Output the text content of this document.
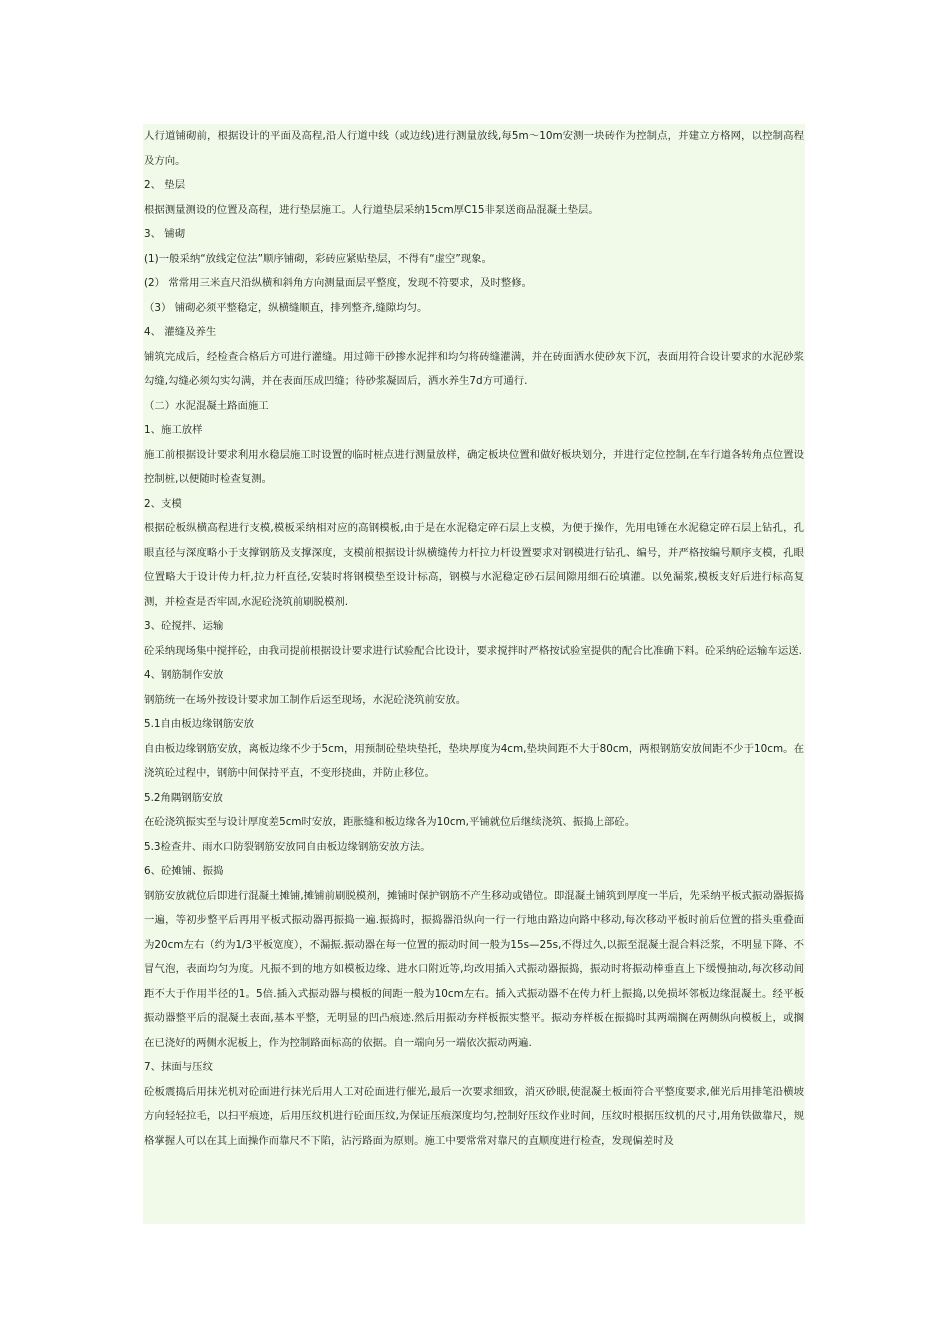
人行道铺砌前，根据设计的平面及高程,沿人行道中线（或边线)进行测量放线,每5m～10m安测一块砖作为控制点，并建立方格网，以控制高程及方向。

2、 垫层

根据测量测设的位置及高程，进行垫层施工。人行道垫层采纳15cm厚C15非泵送商品混凝土垫层。

3、 铺砌

(1)一般采纳“放线定位法”顺序铺砌，彩砖应紧贴垫层，不得有“虚空”现象。

(2） 常常用三米直尺沿纵横和斜角方向测量面层平整度，发现不符要求，及时整修。

（3） 铺砌必须平整稳定，纵横缝顺直，排列整齐,缝隙均匀。

4、 灌缝及养生

铺筑完成后，经检查合格后方可进行灌缝。用过筛干砂掺水泥拌和均匀将砖缝灌满，并在砖面洒水使砂灰下沉，表面用符合设计要求的水泥砂浆勾缝,勾缝必须勾实勾满，并在表面压成凹缝；待砂浆凝固后，洒水养生7d方可通行.

（二）水泥混凝土路面施工

1、施工放样

施工前根据设计要求利用水稳层施工时设置的临时桩点进行测量放样，确定板块位置和做好板块划分，并进行定位控制,在车行道各转角点位置设控制桩,以便随时检查复测。

2、支模

根据砼板纵横高程进行支模,模板采纳相对应的高钢模板,由于是在水泥稳定碎石层上支模，为便于操作，先用电锤在水泥稳定碎石层上钻孔，孔眼直径与深度略小于支撑钢筋及支撑深度，支模前根据设计纵横缝传力杆拉力杆设置要求对钢模进行钻孔、编号，并严格按编号顺序支模，孔眼位置略大于设计传力杆,拉力杆直径,安装时将钢模垫至设计标高，钢模与水泥稳定砂石层间隙用细石砼填灌。以免漏浆,模板支好后进行标高复测，并检查是否牢固,水泥砼浇筑前刷脱模剂.

3、砼搅拌、运输

砼采纳现场集中搅拌砼，由我司提前根据设计要求进行试验配合比设计，要求搅拌时严格按试验室提供的配合比准确下料。砼采纳砼运输车运送.

4、钢筋制作安放

钢筋统一在场外按设计要求加工制作后运至现场，水泥砼浇筑前安放。

5.1自由板边缘钢筋安放

自由板边缘钢筋安放，离板边缘不少于5cm，用预制砼垫块垫托，垫块厚度为4cm,垫块间距不大于80cm，两根钢筋安放间距不少于10cm。在浇筑砼过程中，钢筋中间保持平直，不变形挠曲，并防止移位。

5.2角隅钢筋安放

在砼浇筑振实至与设计厚度差5cm时安放，距胀缝和板边缘各为10cm,平铺就位后继续浇筑、振捣上部砼。

5.3检查井、雨水口防裂钢筋安放同自由板边缘钢筋安放方法。

6、砼摊铺、振捣

钢筋安放就位后即进行混凝土摊铺,摊铺前刷脱模剂，摊铺时保护钢筋不产生移动或错位。即混凝土铺筑到厚度一半后，先采纳平板式振动器振捣一遍，等初步整平后再用平板式振动器再振捣一遍.振捣时，振捣器沿纵向一行一行地由路边向路中移动,每次移动平板时前后位置的搭头重叠面为20cm左右（约为1/3平板宽度），不漏振.振动器在每一位置的振动时间一般为15s—25s,不得过久,以振至混凝土混合料泛浆，不明显下降、不冒气泡，表面均匀为度。凡振不到的地方如模板边缘、进水口附近等,均改用插入式振动器振捣，振动时将振动棒垂直上下缓慢抽动,每次移动间距不大于作用半径的1。5倍.插入式振动器与模板的间距一般为10cm左右。插入式振动器不在传力杆上振捣,以免损坏邻板边缘混凝土。经平板振动器整平后的混凝土表面,基本平整，无明显的凹凸痕迹.然后用振动夯样板振实整平。振动夯样板在振捣时其两端搁在两侧纵向模板上，或搁在已浇好的两侧水泥板上，作为控制路面标高的依据。自一端向另一端依次振动两遍.

7、抹面与压纹

砼板震捣后用抹光机对砼面进行抹光后用人工对砼面进行催光,最后一次要求细致，消灭砂眼,使混凝土板面符合平整度要求,催光后用排笔沿横坡方向轻轻拉毛，以扫平痕迹，后用压纹机进行砼面压纹,为保证压痕深度均匀,控制好压纹作业时间，压纹时根据压纹机的尺寸,用角铁做靠尺，规格掌握人可以在其上面操作而靠尺不下陷，沾污路面为原则。施工中要常常对靠尺的直顺度进行检查，发现偏差时及
